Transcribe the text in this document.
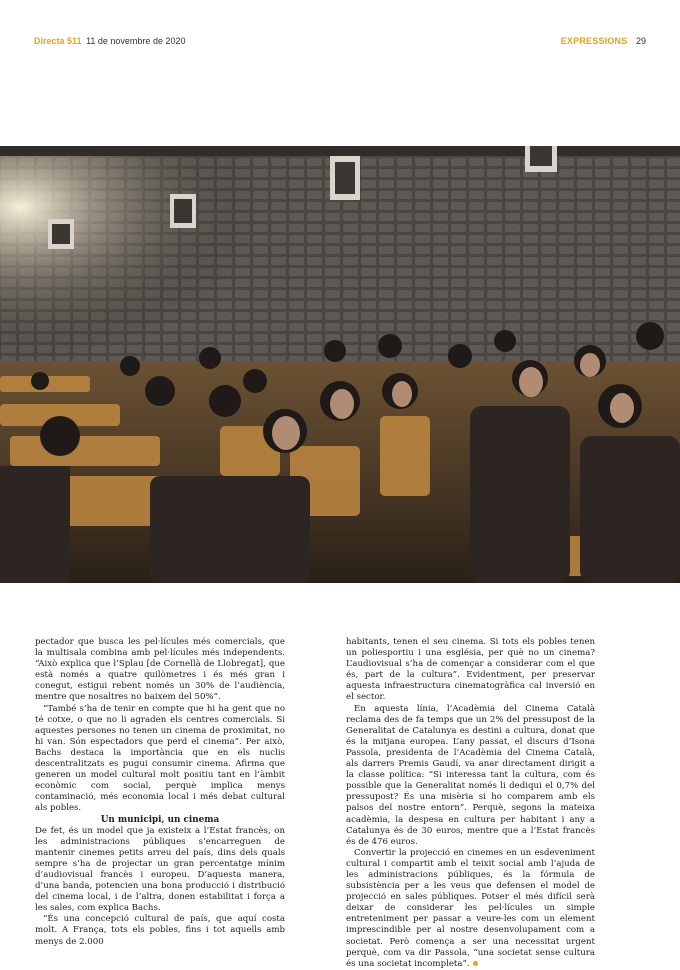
Directa 511 11 de novembre de 2020	EXPRESSIONS 29

pectador que busca les pel·lícules més comercials, que la multisala combina amb pel·lícules més independents. “Això explica que l’Splau [de Cornellà de Llobregat], que està només a quatre quilòmetres i és més gran i conegut, estigui rebent només un 30% de l’audiència, mentre que nosaltres no baixem del 50%”.

“També s’ha de tenir en compte que hi ha gent que no té cotxe, o que no li agraden els centres comercials. Si aquestes persones no tenen un cinema de proximitat, no hi van. Són espectadors que perd el cinema”. Per això, Bachs destaca la importància que en els nuclis descentralitzats es pugui consumir cinema. Afirma que generen un model cultural molt positiu tant en l’àmbit econòmic com social, perquè implica menys contaminació, més economia local i més debat cultural als pobles.

Un municipi, un cinema

De fet, és un model que ja existeix a l’Estat francès, on les administracions públiques s’encarreguen de mantenir cinemes petits arreu del país, dins dels quals sempre s’ha de projectar un gran percentatge mínim d’audiovisual francès i europeu. D’aquesta manera, d’una banda, potencien una bona producció i distribució del cinema local, i de l’altra, donen estabilitat i força a les sales, com explica Bachs.

“És una concepció cultural de país, que aquí costa molt. A França, tots els pobles, fins i tot aquells amb menys de 2.000

habitants, tenen el seu cinema. Si tots els pobles tenen un poliesportiu i una església, per què no un cinema? L’audiovisual s’ha de començar a considerar com el que és, part de la cultura”. Evidentment, per preservar aquesta infraestructura cinematogràfica cal inversió en el sector.

En aquesta línia, l’Acadèmia del Cinema Català reclama des de fa temps que un 2% del pressupost de la Generalitat de Catalunya es destini a cultura, donat que és la mitjana europea. L’any passat, el discurs d’Isona Passola, presidenta de l’Acadèmia del Cinema Català, als darrers Premis Gaudí, va anar directament dirigit a la classe política: “Si interessa tant la cultura, com és possible que la Generalitat només li dediqui el 0,7% del pressupost? És una misèria si ho comparem amb els països del nostre entorn”. Perquè, segons la mateixa acadèmia, la despesa en cultura per habitant i any a Catalunya és de 30 euros, mentre que a l’Estat francès és de 476 euros.

Convertir la projecció en cinemes en un esdeveniment cultural i compartit amb el teixit social amb l’ajuda de les administracions públiques, és la fórmula de subsistència per a les veus que defensen el model de projecció en sales públiques. Potser el més difícil serà deixar de considerar les pel·lícules un simple entreteniment per passar a veure-les com un element imprescindible per al nostre desenvolupament com a societat. Però comença a ser una necessitat urgent perquè, com va dir Passola, “una societat sense cultura és una societat incompleta”.
